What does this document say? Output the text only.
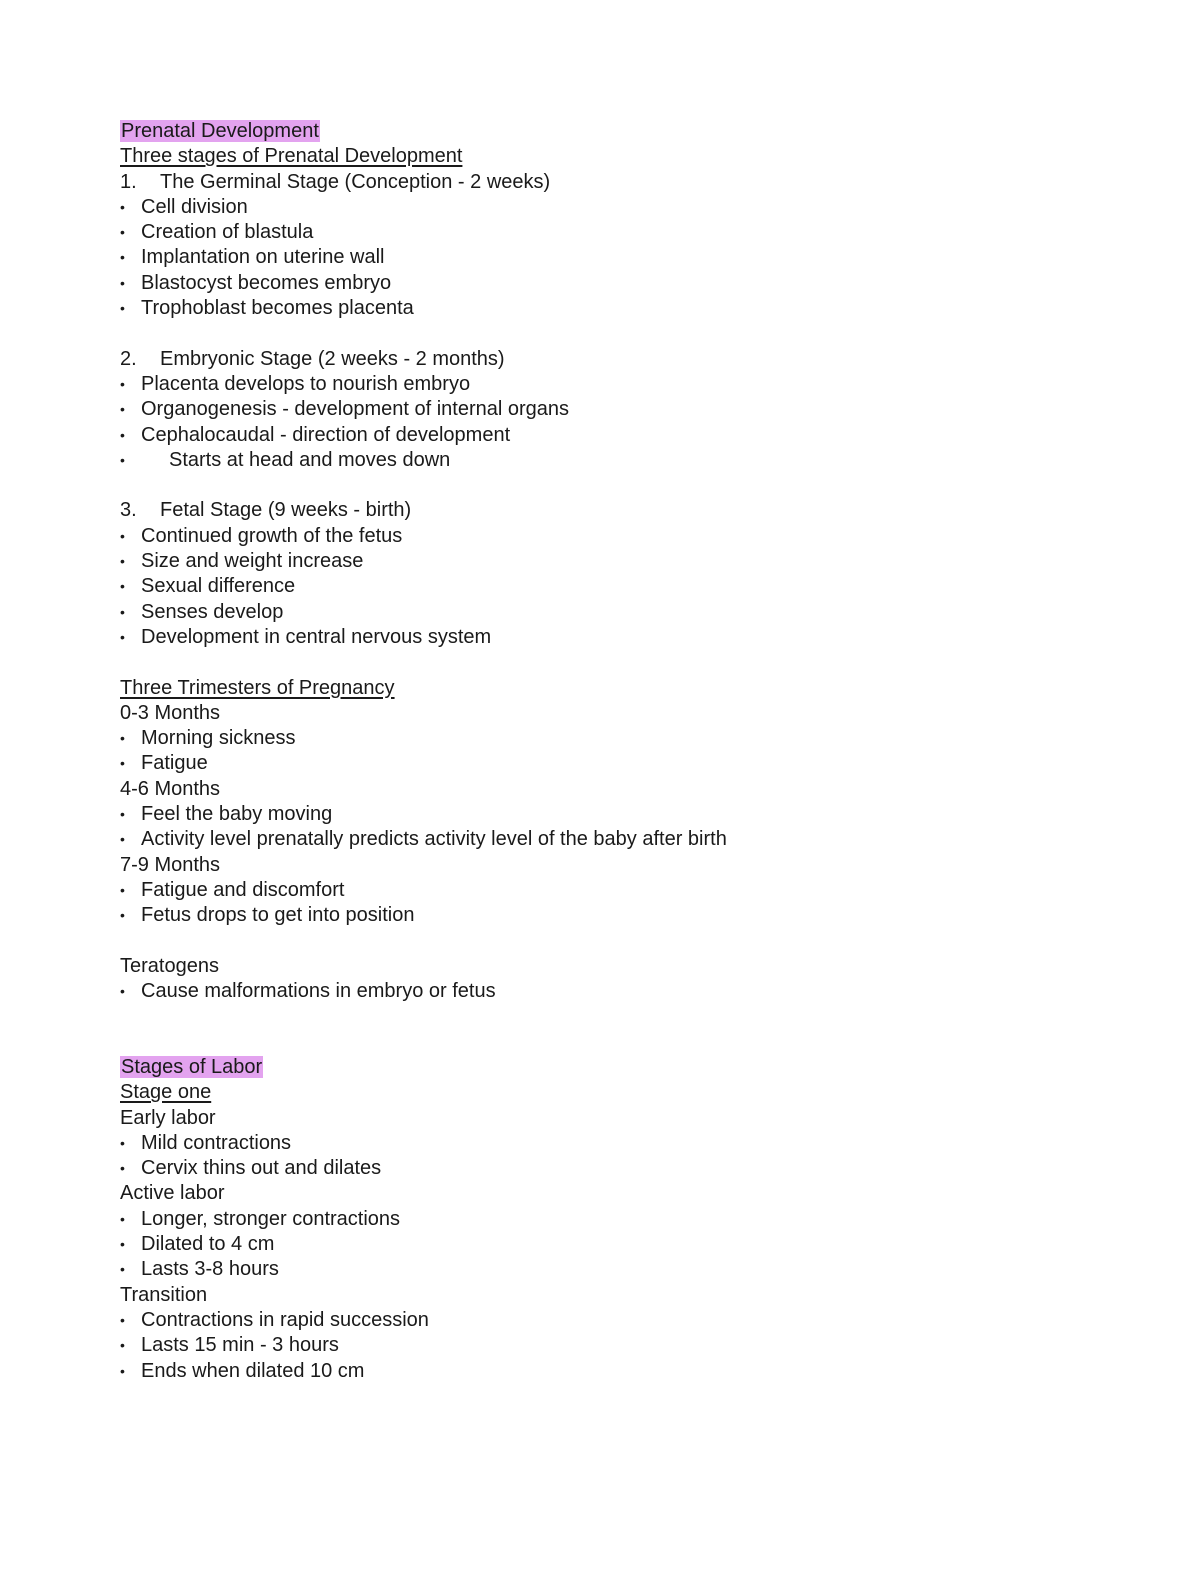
Prenatal Development
Three stages of Prenatal Development
1. The Germinal Stage (Conception - 2 weeks)
• Cell division
• Creation of blastula
• Implantation on uterine wall
• Blastocyst becomes embryo
• Trophoblast becomes placenta
2. Embryonic Stage (2 weeks - 2 months)
• Placenta develops to nourish embryo
• Organogenesis - development of internal organs
• Cephalocaudal - direction of development
• Starts at head and moves down
3. Fetal Stage (9 weeks - birth)
• Continued growth of the fetus
• Size and weight increase
• Sexual difference
• Senses develop
• Development in central nervous system
Three Trimesters of Pregnancy
0-3 Months
• Morning sickness
• Fatigue
4-6 Months
• Feel the baby moving
• Activity level prenatally predicts activity level of the baby after birth
7-9 Months
• Fatigue and discomfort
• Fetus drops to get into position
Teratogens
• Cause malformations in embryo or fetus
Stages of Labor
Stage one
Early labor
• Mild contractions
• Cervix thins out and dilates
Active labor
• Longer, stronger contractions
• Dilated to 4 cm
• Lasts 3-8 hours
Transition
• Contractions in rapid succession
• Lasts 15 min - 3 hours
• Ends when dilated 10 cm
